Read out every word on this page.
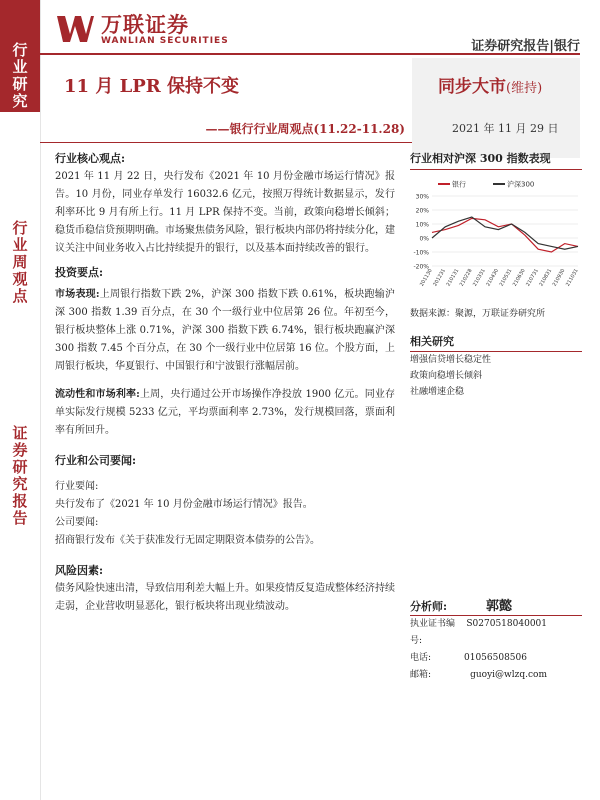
行业研究
行业周观点
证券研究报告
万联证券
WANLIAN SECURITIES	证券研究报告|银行
11 月 LPR 保持不变
——银行行业周观点(11.22-11.28)
同步大市(维持)
2021 年 11 月 29 日
行业核心观点:

2021 年 11 月 22 日，央行发布《2021 年 10 月份金融市场运行情况》报告。10 月份，同业存单发行 16032.6 亿元，按照万得统计数据显示，发行利率环比 9 月有所上行。11 月 LPR 保持不变。当前，政策向稳增长倾斜；稳货币稳信贷预期明确。市场聚焦债务风险，银行板块内部仍将持续分化，建议关注中间业务收入占比持续提升的银行，以及基本面持续改善的银行。

投资要点:

市场表现:上周银行指数下跌 2%，沪深 300 指数下跌 0.61%，板块跑输沪深 300 指数 1.39 百分点，在 30 个一级行业中位居第 26 位。年初至今，银行板块整体上涨 0.71%，沪深 300 指数下跌 6.74%，银行板块跑赢沪深 300 指数 7.45 个百分点，在 30 个一级行业中位居第 16 位。个股方面，上周银行板块，华夏银行、中国银行和宁波银行涨幅居前。

流动性和市场利率:上周，央行通过公开市场操作净投放 1900 亿元。同业存单实际发行规模 5233 亿元，平均票面利率 2.73%，发行规模回落，票面利率有所回升。

行业和公司要闻:

行业要闻:

央行发布了《2021 年 10 月份金融市场运行情况》报告。

公司要闻:

招商银行发布《关于获准发行无固定期限资本债券的公告》。

风险因素:

债务风险快速出清，导致信用利差大幅上升。如果疫情反复造成整体经济持续走弱，企业营收明显恶化，银行板块将出现业绩波动。

行业相对沪深 300 指数表现
30%
20%
10%
0%
-10%
-20%
201130
201231
210131
210228
210331
210430
210531
210630
210731
210831
210930
211031
银行	沪深300
数据来源：聚源，万联证券研究所
相关研究
增强信贷增长稳定性
政策向稳增长倾斜
社融增速企稳
分析师:	郭懿
执业证书编号:
S0270518040001
电话:	01056508506
邮箱:	guoyi@wlzq.com
